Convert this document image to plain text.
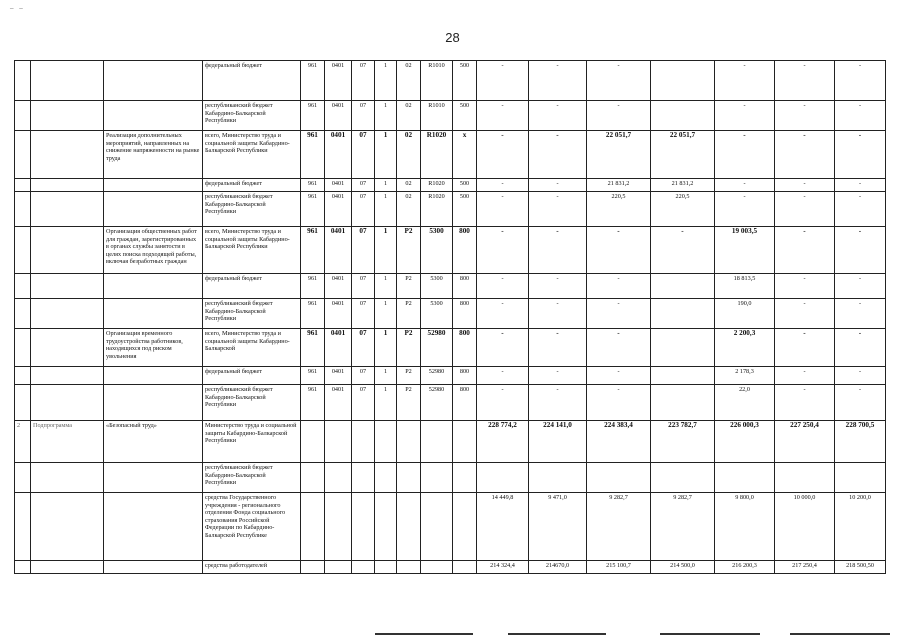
– –
28
			федеральный бюджет	961	0401	07	1	02	R1010	500	-	-	-		-	-	-
			республиканский бюджет Кабардино-Балкарской Республики	961	0401	07	1	02	R1010	500	-	-	-		-	-	-
		Реализация дополнительных мероприятий, направленных на снижение напряженности на рынке труда	всего, Министерство труда и социальной защиты Кабардино-Балкарской Республики	961	0401	07	1	02	R1020	x	-	-	22 051,7	22 051,7	-	-	-
			федеральный бюджет	961	0401	07	1	02	R1020	500	-	-	21 831,2	21 831,2	-	-	-
			республиканский бюджет Кабардино-Балкарской Республики	961	0401	07	1	02	R1020	500	-	-	220,5	220,5	-	-	-
		Организация общественных работ для граждан, зарегистрированных в органах службы занятости в целях поиска подходящей работы, включая безработных граждан	всего, Министерство труда и социальной защиты Кабардино-Балкарской Республики	961	0401	07	1	P2	5300	800	-	-	-	-	19 003,5	-	-
			федеральный бюджет	961	0401	07	1	P2	5300	800	-	-	-		18 813,5	-	-
			республиканский бюджет Кабардино-Балкарской Республики	961	0401	07	1	P2	5300	800	-	-	-		190,0	-	-
		Организация временного трудоустройства работников, находящихся под риском увольнения	всего, Министерство труда и социальной защиты Кабардино-Балкарской	961	0401	07	1	P2	52980	800	-	-	-		2 200,3	-	-
			федеральный бюджет	961	0401	07	1	P2	52980	800	-	-	-		2 178,3	-	-
			республиканский бюджет Кабардино-Балкарской Республики	961	0401	07	1	P2	52980	800	-	-	-		22,0	-	-
2	Подпрограмма	«Безопасный труд»	Министерство труда и социальной защиты Кабардино-Балкарской Республики								228 774,2	224 141,0	224 383,4	223 782,7	226 000,3	227 250,4	228 700,5
			республиканский бюджет Кабардино-Балкарской Республики														
			средства Государственного учреждения - регионального отделения Фонда социального страхования Российской Федерации по Кабардино-Балкарской Республике								14 449,8	9 471,0	9 282,7	9 282,7	9 800,0	10 000,0	10 200,0
			средства работодателей								214 324,4	214670,0	215 100,7	214 500,0	216 200,3	217 250,4	218 500,50
